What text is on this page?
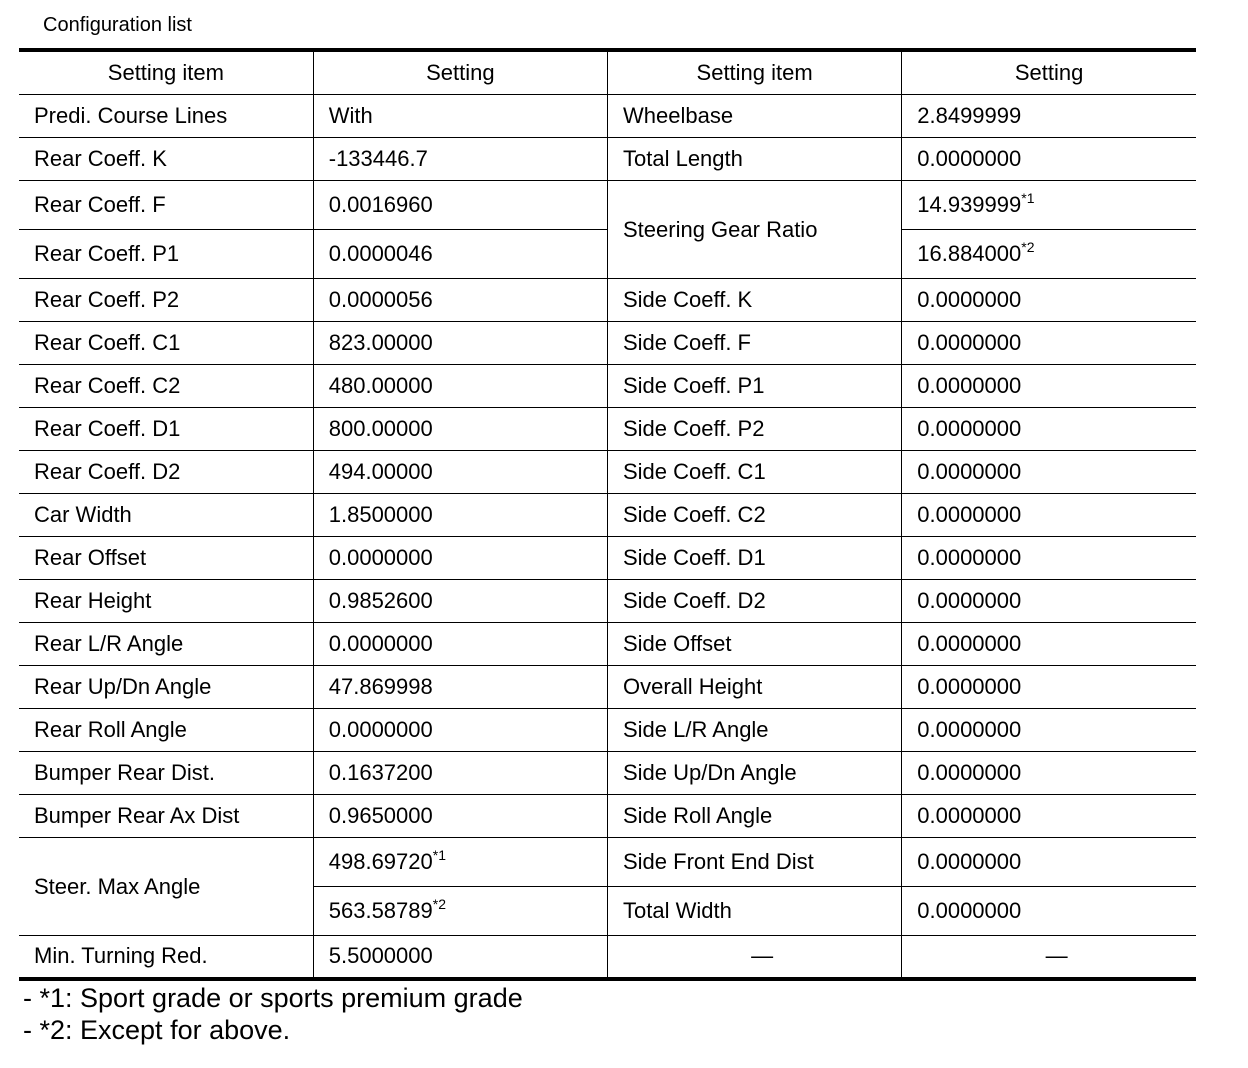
Configuration list
Setting item	Setting	Setting item	Setting
Predi. Course Lines	With	Wheelbase	2.8499999
Rear Coeff. K	-133446.7	Total Length	0.0000000
Rear Coeff. F	0.0016960	Steering Gear Ratio	14.939999$^{*1}$
Rear Coeff. P1	0.0000046		16.884000$^{*2}$
Rear Coeff. P2	0.0000056	Side Coeff. K	0.0000000
Rear Coeff. C1	823.00000	Side Coeff. F	0.0000000
Rear Coeff. C2	480.00000	Side Coeff. P1	0.0000000
Rear Coeff. D1	800.00000	Side Coeff. P2	0.0000000
Rear Coeff. D2	494.00000	Side Coeff. C1	0.0000000
Car Width	1.8500000	Side Coeff. C2	0.0000000
Rear Offset	0.0000000	Side Coeff. D1	0.0000000
Rear Height	0.9852600	Side Coeff. D2	0.0000000
Rear L/R Angle	0.0000000	Side Offset	0.0000000
Rear Up/Dn Angle	47.869998	Overall Height	0.0000000
Rear Roll Angle	0.0000000	Side L/R Angle	0.0000000
Bumper Rear Dist.	0.1637200	Side Up/Dn Angle	0.0000000
Bumper Rear Ax Dist	0.9650000	Side Roll Angle	0.0000000
Steer. Max Angle	498.69720$^{*1}$	Side Front End Dist	0.0000000
	563.58789$^{*2}$	Total Width	0.0000000
Min. Turning Red.	5.5000000	—	—
- *1: Sport grade or sports premium grade
- *2: Except for above.
